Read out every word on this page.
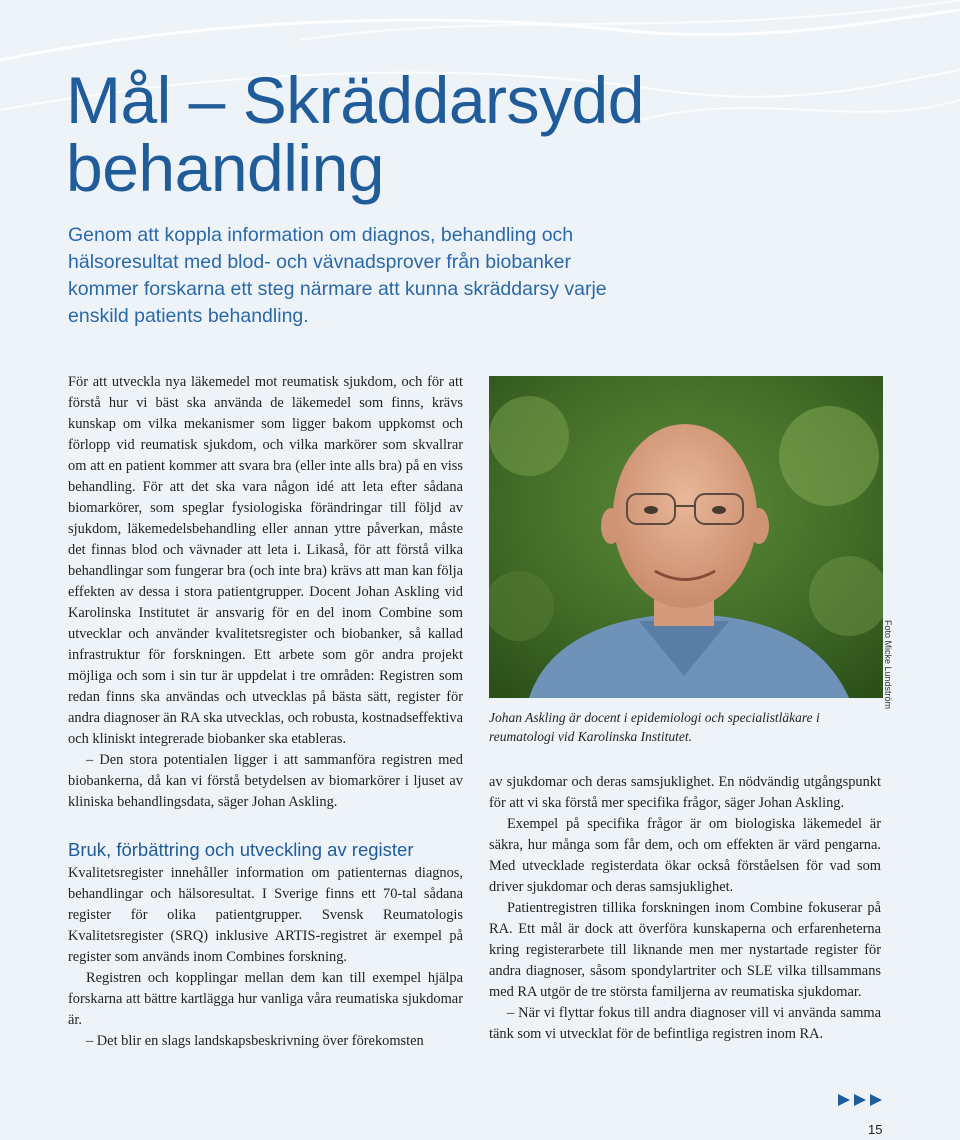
Mål – Skräddarsydd behandling

Genom att koppla information om diagnos, behandling och hälsoresultat med blod- och vävnadsprover från biobanker kommer forskarna ett steg närmare att kunna skräddarsy varje enskild patients behandling.

För att utveckla nya läkemedel mot reumatisk sjukdom, och för att förstå hur vi bäst ska använda de läkemedel som finns, krävs kunskap om vilka mekanismer som ligger bakom uppkomst och förlopp vid reumatisk sjukdom, och vilka markörer som skvallrar om att en patient kommer att svara bra (eller inte alls bra) på en viss behandling. För att det ska vara någon idé att leta efter sådana biomarkörer, som speglar fysiologiska förändringar till följd av sjukdom, läkemedelsbehandling eller annan yttre påverkan, måste det finnas blod och vävnader att leta i. Likaså, för att förstå vilka behandlingar som fungerar bra (och inte bra) krävs att man kan följa effekten av dessa i stora patientgrupper. Docent Johan Askling vid Karolinska Institutet är ansvarig för en del inom Combine som utvecklar och använder kvalitetsregister och biobanker, så kallad infrastruktur för forskningen. Ett arbete som gör andra projekt möjliga och som i sin tur är uppdelat i tre områden: Registren som redan finns ska användas och utvecklas på bästa sätt, register för andra diagnoser än RA ska utvecklas, och robusta, kostnadseffektiva och kliniskt integrerade biobanker ska etableras.

– Den stora potentialen ligger i att sammanföra registren med biobankerna, då kan vi förstå betydelsen av biomarkörer i ljuset av kliniska behandlingsdata, säger Johan Askling.

Bruk, förbättring och utveckling av register

Kvalitetsregister innehåller information om patienternas diagnos, behandlingar och hälsoresultat. I Sverige finns ett 70-tal sådana register för olika patientgrupper. Svensk Reumatologis Kvalitetsregister (SRQ) inklusive ARTIS-registret är exempel på register som används inom Combines forskning.

Registren och kopplingar mellan dem kan till exempel hjälpa forskarna att bättre kartlägga hur vanliga våra reumatiska sjukdomar är.

– Det blir en slags landskapsbeskrivning över förekomsten

Johan Askling är docent i epidemiologi och specialistläkare i reumatologi vid Karolinska Institutet.
Foto Micke Lundström

av sjukdomar och deras samsjuklighet. En nödvändig utgångspunkt för att vi ska förstå mer specifika frågor, säger Johan Askling.

Exempel på specifika frågor är om biologiska läkemedel är säkra, hur många som får dem, och om effekten är värd pengarna. Med utvecklade registerdata ökar också förståelsen för vad som driver sjukdomar och deras samsjuklighet.

Patientregistren tillika forskningen inom Combine fokuserar på RA. Ett mål är dock att överföra kunskaperna och erfarenheterna kring registerarbete till liknande men mer nystartade register för andra diagnoser, såsom spondylartriter och SLE vilka tillsammans med RA utgör de tre största familjerna av reumatiska sjukdomar.

– När vi flyttar fokus till andra diagnoser vill vi använda samma tänk som vi utvecklat för de befintliga registren inom RA.

15
